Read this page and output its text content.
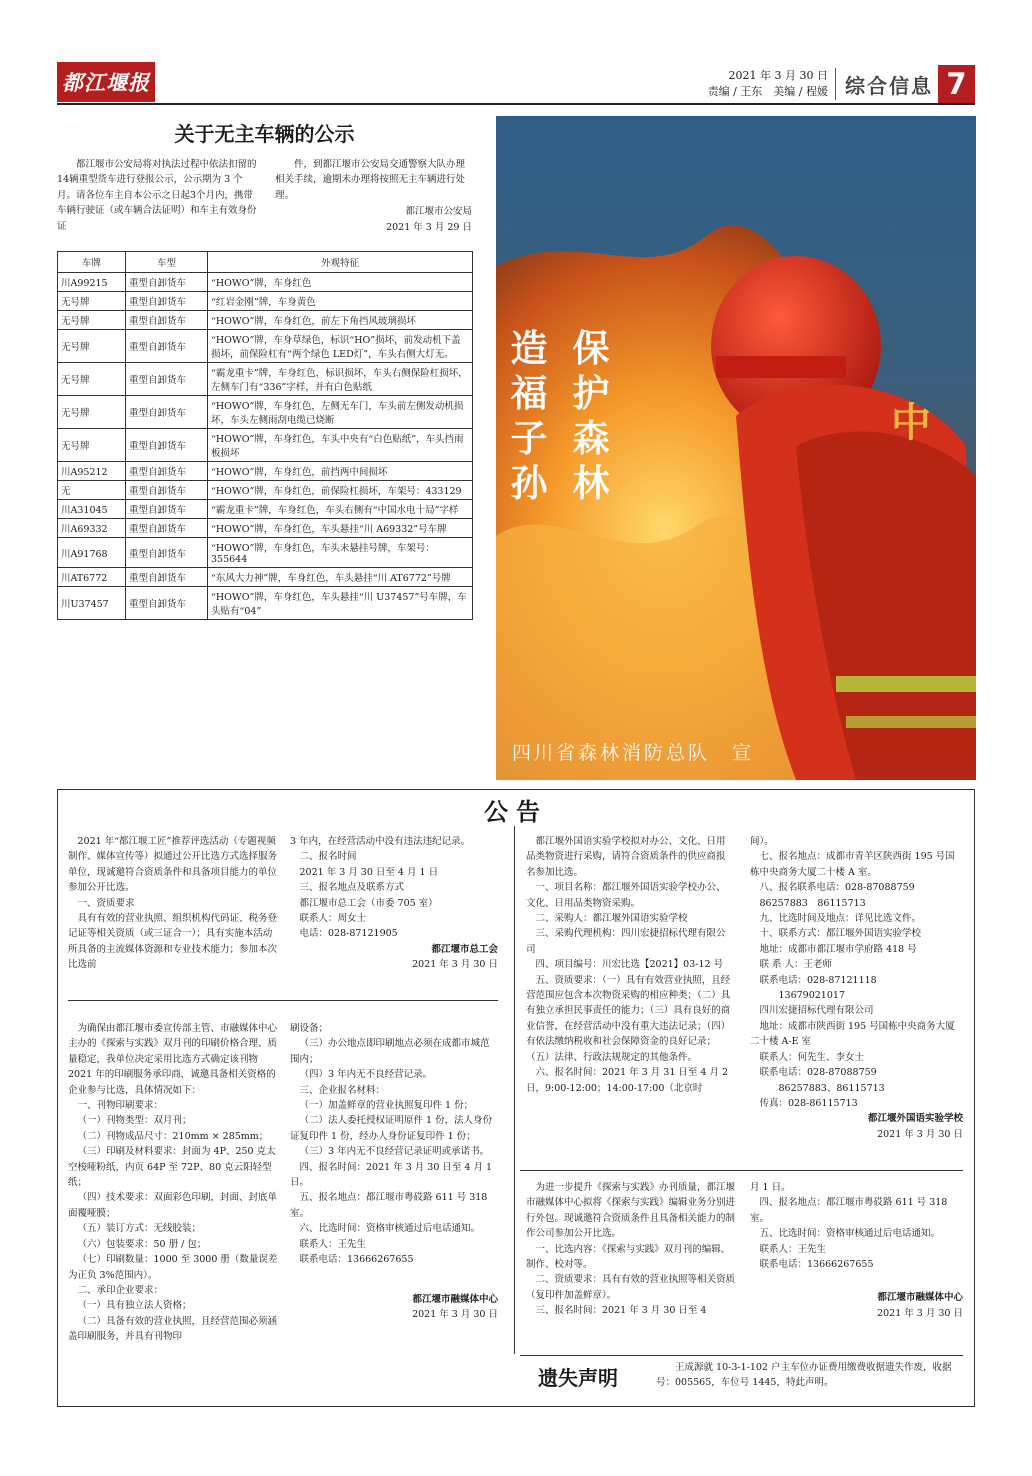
都江堰报	2021 年 3 月 30 日
责编 / 王东　美编 / 程媛 综合信息 7
关于无主车辆的公示
都江堰市公安局将对执法过程中依法扣留的 14辆重型货车进行登报公示，公示期为 3 个月。请各位车主自本公示之日起3个月内，携带车辆行驶证（或车辆合法证明）和车主有效身份证
件，到都江堰市公安局交通警察大队办理相关手续，逾期未办理将按照无主车辆进行处理。
都江堰市公安局
2021 年 3 月 29 日
车牌	车型	外观特征
川A99215	重型自卸货车	“HOWO”牌，车身红色
无号牌	重型自卸货车	“红岩金刚”牌，车身黄色
无号牌	重型自卸货车	“HOWO”牌，车身红色，前左下角挡风玻璃损坏
无号牌	重型自卸货车	“HOWO”牌，车身草绿色，标识“HO”损坏，前发动机下盖损坏，前保险杠有“两个绿色 LED灯”，车头右侧大灯无。
无号牌	重型自卸货车	“霸龙重卡”牌，车身红色，标识损坏，车头右侧保险杠损坏，左侧车门有“336”字样，并有白色贴纸
无号牌	重型自卸货车	“HOWO”牌，车身红色，左侧无车门，车头前左侧发动机损坏，车头左侧雨刮电缆已烧断
无号牌	重型自卸货车	“HOWO”牌，车身红色，车头中央有“白色贴纸”，车头挡雨板损坏
川A95212	重型自卸货车	“HOWO”牌，车身红色，前挡两中间损坏
无	重型自卸货车	“HOWO”牌，车身红色，前保险杠损坏，车架号：433129
川A31045	重型自卸货车	“霸龙重卡”牌，车身红色，车头右侧有“中国水电十局”字样
川A69332	重型自卸货车	“HOWO”牌，车身红色，车头悬挂“川 A69332”号车牌
川A91768	重型自卸货车	“HOWO”牌，车身红色，车头未悬挂号牌，车架号：355644
川AT6772	重型自卸货车	“东风大力神”牌，车身红色，车头悬挂“川 AT6772”号牌
川U37457	重型自卸货车	“HOWO”牌，车身红色，车头悬挂“川 U37457”号车牌，车头贴有“04”
中
造福子孙
保护森林
四川省森林消防总队　宣
公告
2021 年“都江堰工匠”推荐评选活动（专题视频制作、媒体宣传等）拟通过公开比选方式选择服务单位，现诚邀符合资质条件和具备项目能力的单位参加公开比选。
一、资质要求
具有有效的营业执照、组织机构代码证、税务登记证等相关资质（或三证合一）；具有实施本活动所具备的主流媒体资源和专业技术能力；参加本次比选前
3 年内，在经营活动中没有违法违纪记录。
二、报名时间
2021 年 3 月 30 日至 4 月 1 日
三、报名地点及联系方式
都江堰市总工会（市委 705 室）
联系人：周女士
电话：028-87121905
都江堰市总工会
2021 年 3 月 30 日
为确保由都江堰市委宣传部主管、市融媒体中心主办的《探索与实践》双月刊的印刷价格合理、质量稳定，我单位决定采用比选方式确定该刊物 2021 年的印刷服务承印商，诚邀具备相关资格的企业参与比选，具体情况如下：
一、刊物印刷要求：
（一）刊物类型：双月刊；
（二）刊物成品尺寸：210mm × 285mm；
（三）印刷及材料要求：封面为 4P、250 克太空梭哑粉纸，内页 64P 至 72P、80 克云阳轻型纸；
（四）技术要求：双面彩色印刷，封面、封底单面覆哑膜；
（五）装订方式：无线胶装；
（六）包装要求：50 册 / 包；
（七）印刷数量：1000 至 3000 册（数量误差为正负 3%范围内）。
二、承印企业要求：
（一）具有独立法人资格；
（二）具备有效的营业执照，且经营范围必须涵盖印刷服务，并具有刊物印
刷设备；
（三）办公地点即印刷地点必须在成都市城范围内；
（四）3 年内无不良经营记录。
三、企业报名材料：
（一）加盖鲜章的营业执照复印件 1 份；
（二）法人委托授权证明原件 1 份，法人身份证复印件 1 份，经办人身份证复印件 1 份；
（三）3 年内无不良经营记录证明或承诺书。
四、报名时间：2021 年 3 月 30 日至 4 月 1 日。
五、报名地点：都江堰市粤砹路 611 号 318 室。
六、比选时间：资格审核通过后电话通知。
联系人：王先生
联系电话：13666267655
都江堰市融媒体中心
2021 年 3 月 30 日
都江堰外国语实验学校拟对办公、文化、日用品类物资进行采购，请符合资质条件的供应商报名参加比选。
一、项目名称：都江堰外国语实验学校办公、文化、日用品类物资采购。
二、采购人：都江堰外国语实验学校
三、采购代理机构：四川宏捷招标代理有限公司
四、项目编号：川宏比选【2021】03-12 号
五、资质要求：（一）具有有效营业执照，且经营范围应包含本次物资采购的相应种类；（二）具有独立承担民事责任的能力；（三）具有良好的商业信誉，在经营活动中没有重大违法记录；（四）有依法缴纳税收和社会保障资金的良好记录；（五）法律、行政法规规定的其他条件。
六、报名时间：2021 年 3 月 31 日至 4 月 2 日，9:00-12:00；14:00-17:00（北京时
间）。
七、报名地点：成都市青羊区陕西街 195 号国栋中央商务大厦二十楼 A 室。
八、报名联系电话：028-87088759
86257883　86115713
九、比选时间及地点：详见比选文件。
十、联系方式：都江堰外国语实验学校
地址：成都市都江堰市学府路 418 号
联 系 人：王老师
联系电话：028-87121118
13679021017
四川宏捷招标代理有限公司
地址：成都市陕西街 195 号国栋中央商务大厦二十楼 A-E 室
联系人：何先生、李女士
联系电话：028-87088759
86257883、86115713
传真：028-86115713
都江堰外国语实验学校
2021 年 3 月 30 日
为进一步提升《探索与实践》办刊质量，都江堰市融媒体中心拟将《探索与实践》编辑业务分别进行外包。现诚邀符合资质条件且具备相关能力的制作公司参加公开比选。
一、比选内容：《探索与实践》双月刊的编辑、制作、校对等。
二、资质要求：具有有效的营业执照等相关资质（复印件加盖鲜章）。
三、报名时间：2021 年 3 月 30 日至 4
月 1 日。
四、报名地点：都江堰市粤砹路 611 号 318 室。
五、比选时间：资格审核通过后电话通知。
联系人：王先生
联系电话：13666267655
都江堰市融媒体中心
2021 年 3 月 30 日
遗失声明	王成源就 10-3-1-102 户主车位办证费用缴费收据遗失作废，收据号：005565，车位号 1445，特此声明。
